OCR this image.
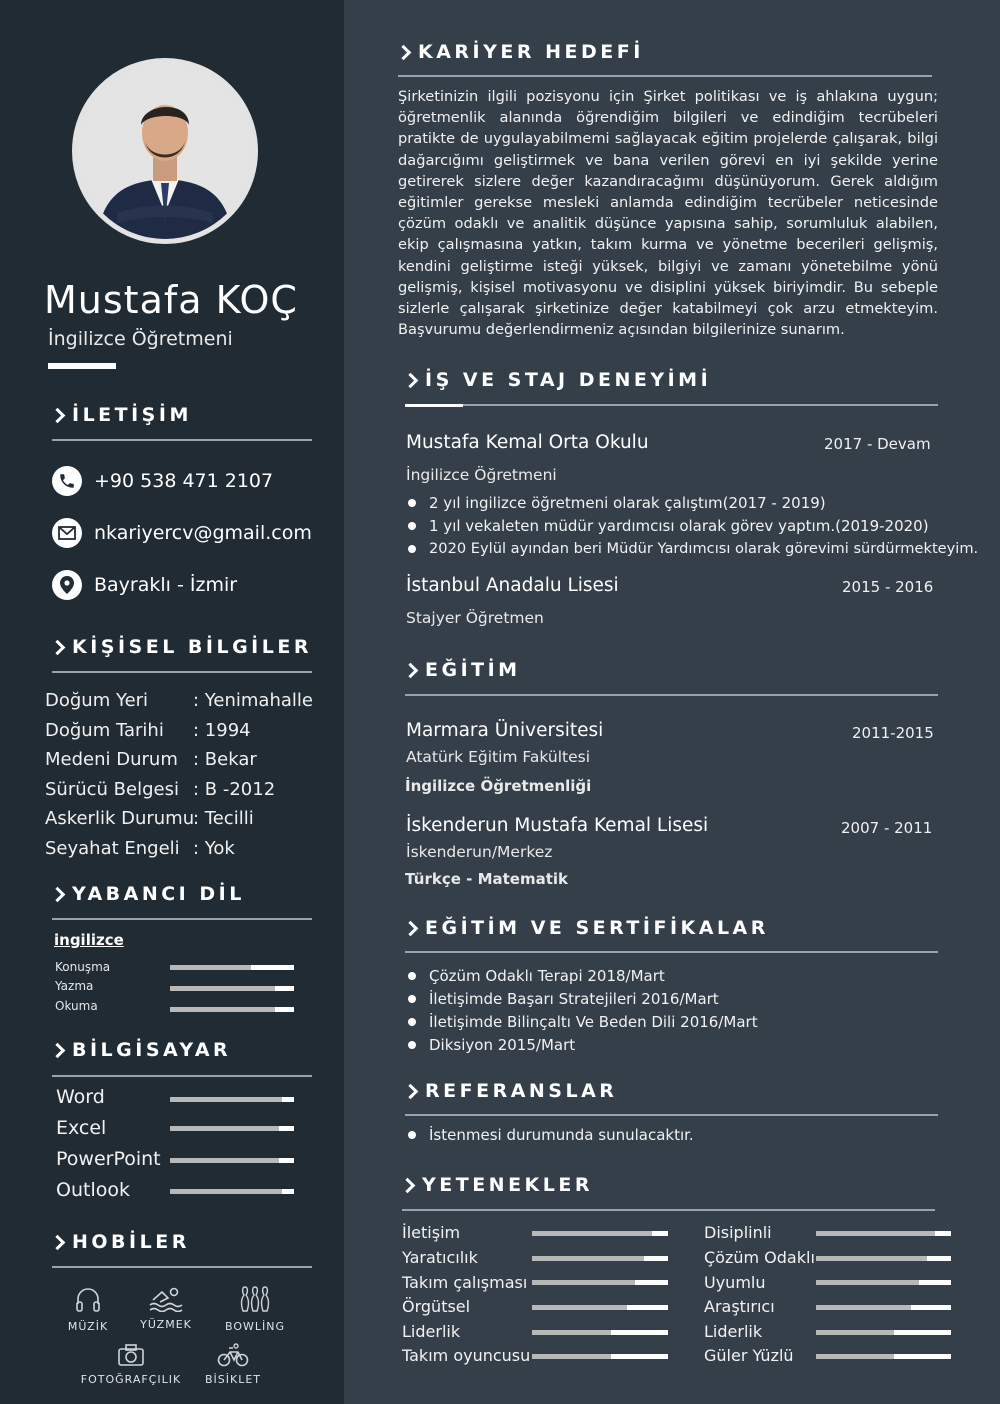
Mustafa KOÇ
İngilizce Öğretmeni
İLETİŞİM
+90 538 471 2107
nkariyercv@gmail.com
Bayraklı - İzmir
KİŞİSEL BİLGİLER
Doğum Yeri : Yenimahalle
Doğum Tarihi : 1994
Medeni Durum : Bekar
Sürücü Belgesi : B -2012
Askerlik Durumu: Tecilli
Seyahat Engeli : Yok
YABANCI DİL
ingilizce
Konuşma
Yazma
Okuma
BİLGİSAYAR
Word
Excel
PowerPoint
Outlook
HOBİLER
MÜZİK	YÜZMEK	BOWLİNG
FOTOĞRAFÇILIK	BİSİKLET
KARİYER HEDEFİ
Şirketinizin ilgili pozisyonu için Şirket politikası ve iş ahlakına uygun; öğretmenlik alanında öğrendiğim bilgileri ve edindiğim tecrübeleri pratikte de uygulayabilmemi sağlayacak eğitim projelerde çalışarak, bilgi dağarcığımı geliştirmek ve bana verilen görevi en iyi şekilde yerine getirerek sizlere değer kazandıracağımı düşünüyorum. Gerek aldığım eğitimler gerekse mesleki anlamda edindiğim tecrübeler neticesinde çözüm odaklı ve analitik düşünce yapısına sahip, sorumluluk alabilen, ekip çalışmasına yatkın, takım kurma ve yönetme becerileri gelişmiş, kendini geliştirme isteği yüksek, bilgiyi ve zamanı yönetebilme yönü gelişmiş, kişisel motivasyonu ve disiplini yüksek biriyimdir. Bu sebeple sizlerle çalışarak şirketinize değer katabilmeyi çok arzu etmekteyim. Başvurumu değerlendirmeniz açısından bilgilerinize sunarım.
İŞ VE STAJ DENEYİMİ
Mustafa Kemal Orta Okulu	2017 - Devam
İngilizce Öğretmeni
2 yıl ingilizce öğretmeni olarak çalıştım(2017 - 2019)
1 yıl vekaleten müdür yardımcısı olarak görev yaptım.(2019-2020)
2020 Eylül ayından beri Müdür Yardımcısı olarak görevimi sürdürmekteyim.
İstanbul Anadalu Lisesi	2015 - 2016
Stajyer Öğretmen
EĞİTİM
Marmara Üniversitesi	2011-2015
Atatürk Eğitim Fakültesi
İngilizce Öğretmenliği
İskenderun Mustafa Kemal Lisesi	2007 - 2011
İskenderun/Merkez
Türkçe - Matematik
EĞİTİM VE SERTİFİKALAR
Çözüm Odaklı Terapi 2018/Mart
İletişimde Başarı Stratejileri 2016/Mart
İletişimde Bilinçaltı Ve Beden Dili 2016/Mart
Diksiyon 2015/Mart
REFERANSLAR
İstenmesi durumunda sunulacaktır.
YETENEKLER
İletişim
Yaratıcılık
Takım çalışması
Örgütsel
Liderlik
Takım oyuncusu
Disiplinli
Çözüm Odaklı
Uyumlu
Araştırıcı
Liderlik
Güler Yüzlü
